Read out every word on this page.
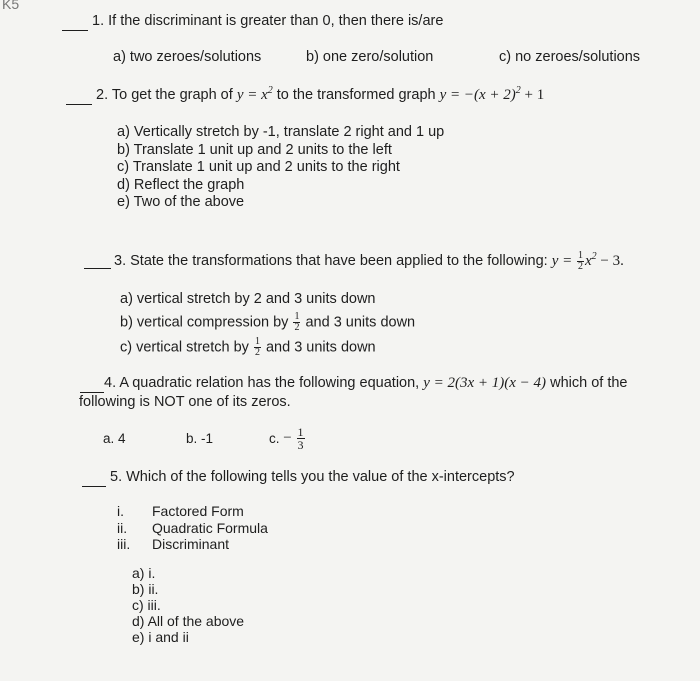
K5
1. If the discriminant is greater than 0, then there is/are
a) two zeroes/solutions	b) one zero/solution	c) no zeroes/solutions
2. To get the graph of $y = x^2$ to the transformed graph $y = -(x + 2)^2 + 1$
a) Vertically stretch by -1, translate 2 right and 1 up
b) Translate 1 unit up and 2 units to the left
c) Translate 1 unit up and 2 units to the right
d) Reflect the graph
e) Two of the above
3. State the transformations that have been applied to the following: $y = \frac{1}{2} x^2 - 3$.
a) vertical stretch by 2 and 3 units down
b) vertical compression by $\frac{1}{2}$ and 3 units down
c) vertical stretch by $\frac{1}{2}$ and 3 units down
4. A quadratic relation has the following equation, y = 2(3x + 1)(x − 4) which of the
following is NOT one of its zeros.
a. 4	b. -1	c. − $\frac{1}{3}$
5. Which of the following tells you the value of the x-intercepts?
i. Factored Form
ii. Quadratic Formula
iii. Discriminant
a) i.
b) ii.
c) iii.
d) All of the above
e) i and ii
